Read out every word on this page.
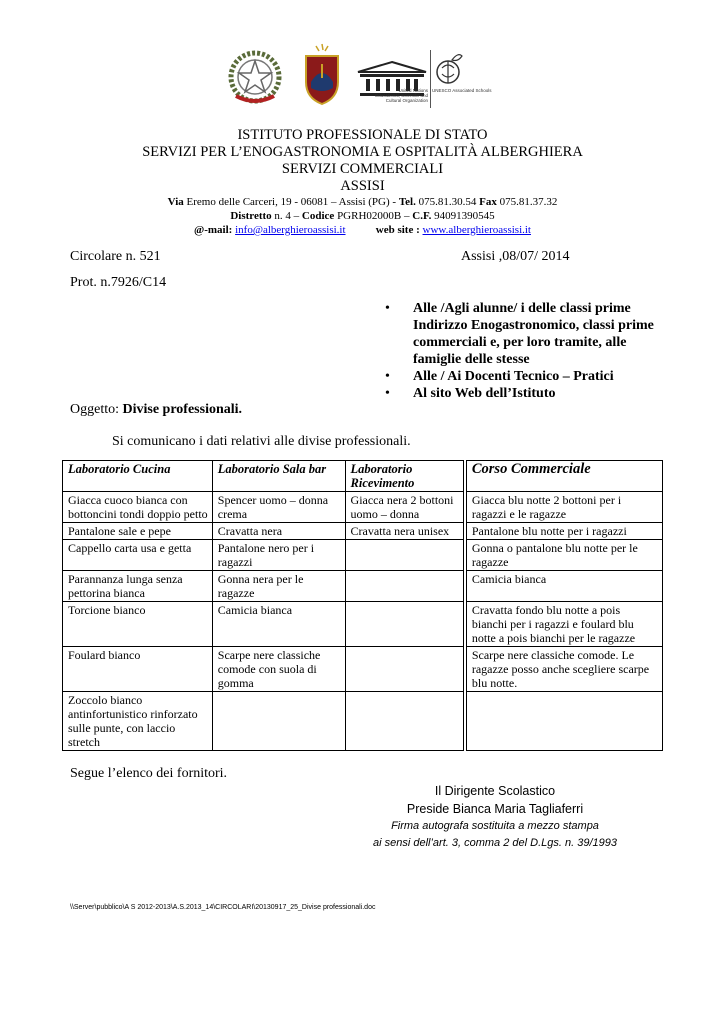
United Nations
Educational, Scientific and
Cultural Organization
UNESCO Associated Schools
ISTITUTO PROFESSIONALE DI STATO
SERVIZI PER L’ENOGASTRONOMIA E OSPITALITÀ ALBERGHIERA
SERVIZI COMMERCIALI
ASSISI
Via Eremo delle Carceri, 19 - 06081 – Assisi (PG) - Tel. 075.81.30.54 Fax 075.81.37.32
Distretto n. 4 – Codice PGRH02000B – C.F. 94091390545
@-mail: info@alberghieroassisi.it	web site : www.alberghieroassisi.it
Circolare n. 521	Assisi ,08/07/ 2014
Prot. n.7926/C14
• Alle /Agli alunne/ i delle classi prime Indirizzo Enogastronomico, classi prime commerciali e, per loro tramite, alle famiglie delle stesse
• Alle / Ai Docenti Tecnico – Pratici
• Al sito Web dell’Istituto
Oggetto: Divise professionali.
Si comunicano i dati relativi alle divise professionali.
Laboratorio Cucina	Laboratorio Sala bar	Laboratorio Ricevimento	Corso Commerciale
Giacca cuoco bianca con bottoncini tondi doppio petto	Spencer uomo – donna crema	Giacca nera 2 bottoni uomo – donna	Giacca blu notte 2 bottoni per i ragazzi e le ragazze
Pantalone sale e pepe	Cravatta nera	Cravatta nera unisex	Pantalone blu notte per i ragazzi
Cappello carta usa e getta	Pantalone nero per i ragazzi		Gonna o pantalone blu notte per le ragazze
Parannanza lunga senza pettorina bianca	Gonna nera per le ragazze		Camicia bianca
Torcione bianco	Camicia bianca		Cravatta fondo blu notte a pois bianchi per i ragazzi e foulard blu notte a pois bianchi per le ragazze
Foulard bianco	Scarpe nere classiche comode con suola di gomma		Scarpe nere classiche comode. Le ragazze posso anche scegliere scarpe blu notte.
Zoccolo bianco antinfortunistico rinforzato sulle punte, con laccio stretch			
Segue l’elenco dei fornitori.
Il Dirigente Scolastico
Preside Bianca Maria Tagliaferri
Firma autografa sostituita a mezzo stampa
ai sensi dell’art. 3, comma 2 del D.Lgs. n. 39/1993
\\Server\pubblico\A S 2012-2013\A.S.2013_14\CIRCOLARI\20130917_25_Divise professionali.doc
